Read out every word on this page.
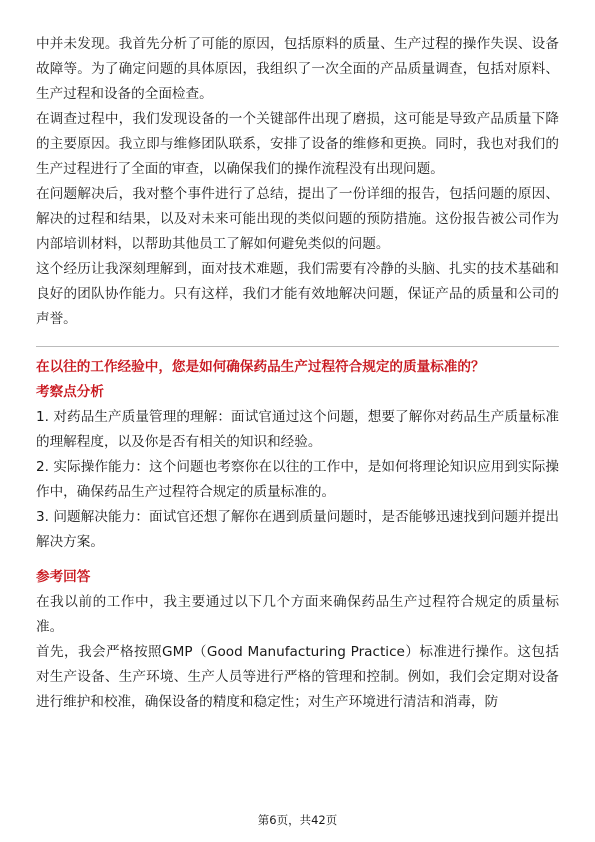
中并未发现。我首先分析了可能的原因，包括原料的质量、生产过程的操作失误、设备故障等。为了确定问题的具体原因，我组织了一次全面的产品质量调查，包括对原料、生产过程和设备的全面检查。

在调查过程中，我们发现设备的一个关键部件出现了磨损，这可能是导致产品质量下降的主要原因。我立即与维修团队联系，安排了设备的维修和更换。同时，我也对我们的生产过程进行了全面的审查，以确保我们的操作流程没有出现问题。

在问题解决后，我对整个事件进行了总结，提出了一份详细的报告，包括问题的原因、解决的过程和结果，以及对未来可能出现的类似问题的预防措施。这份报告被公司作为内部培训材料，以帮助其他员工了解如何避免类似的问题。

这个经历让我深刻理解到，面对技术难题，我们需要有冷静的头脑、扎实的技术基础和良好的团队协作能力。只有这样，我们才能有效地解决问题，保证产品的质量和公司的声誉。

在以往的工作经验中，您是如何确保药品生产过程符合规定的质量标准的？

考察点分析

1. 对药品生产质量管理的理解：面试官通过这个问题，想要了解你对药品生产质量标准的理解程度，以及你是否有相关的知识和经验。

2. 实际操作能力：这个问题也考察你在以往的工作中，是如何将理论知识应用到实际操作中，确保药品生产过程符合规定的质量标准的。

3. 问题解决能力：面试官还想了解你在遇到质量问题时，是否能够迅速找到问题并提出解决方案。

参考回答

在我以前的工作中，我主要通过以下几个方面来确保药品生产过程符合规定的质量标准。

首先，我会严格按照GMP（Good Manufacturing Practice）标准进行操作。这包括对生产设备、生产环境、生产人员等进行严格的管理和控制。例如，我们会定期对设备进行维护和校准，确保设备的精度和稳定性；对生产环境进行清洁和消毒，防

第6页，共42页
